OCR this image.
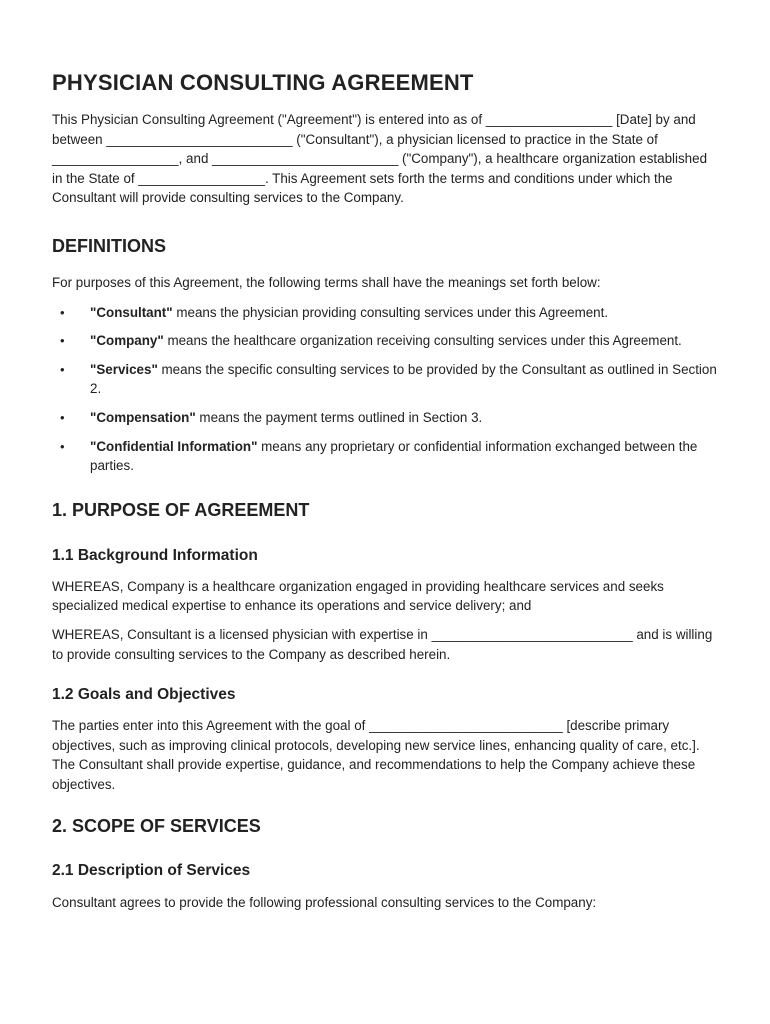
PHYSICIAN CONSULTING AGREEMENT

This Physician Consulting Agreement ("Agreement") is entered into as of _________________ [Date] by and between _________________________ ("Consultant"), a physician licensed to practice in the State of _________________, and _________________________ ("Company"), a healthcare organization established in the State of _________________. This Agreement sets forth the terms and conditions under which the Consultant will provide consulting services to the Company.

DEFINITIONS

For purposes of this Agreement, the following terms shall have the meanings set forth below:

• "Consultant" means the physician providing consulting services under this Agreement.
• "Company" means the healthcare organization receiving consulting services under this Agreement.
• "Services" means the specific consulting services to be provided by the Consultant as outlined in Section 2.
• "Compensation" means the payment terms outlined in Section 3.
• "Confidential Information" means any proprietary or confidential information exchanged between the parties.
1. PURPOSE OF AGREEMENT
1.1 Background Information

WHEREAS, Company is a healthcare organization engaged in providing healthcare services and seeks specialized medical expertise to enhance its operations and service delivery; and

WHEREAS, Consultant is a licensed physician with expertise in ___________________________ and is willing to provide consulting services to the Company as described herein.

1.2 Goals and Objectives

The parties enter into this Agreement with the goal of __________________________ [describe primary objectives, such as improving clinical protocols, developing new service lines, enhancing quality of care, etc.]. The Consultant shall provide expertise, guidance, and recommendations to help the Company achieve these objectives.

2. SCOPE OF SERVICES
2.1 Description of Services

Consultant agrees to provide the following professional consulting services to the Company:
